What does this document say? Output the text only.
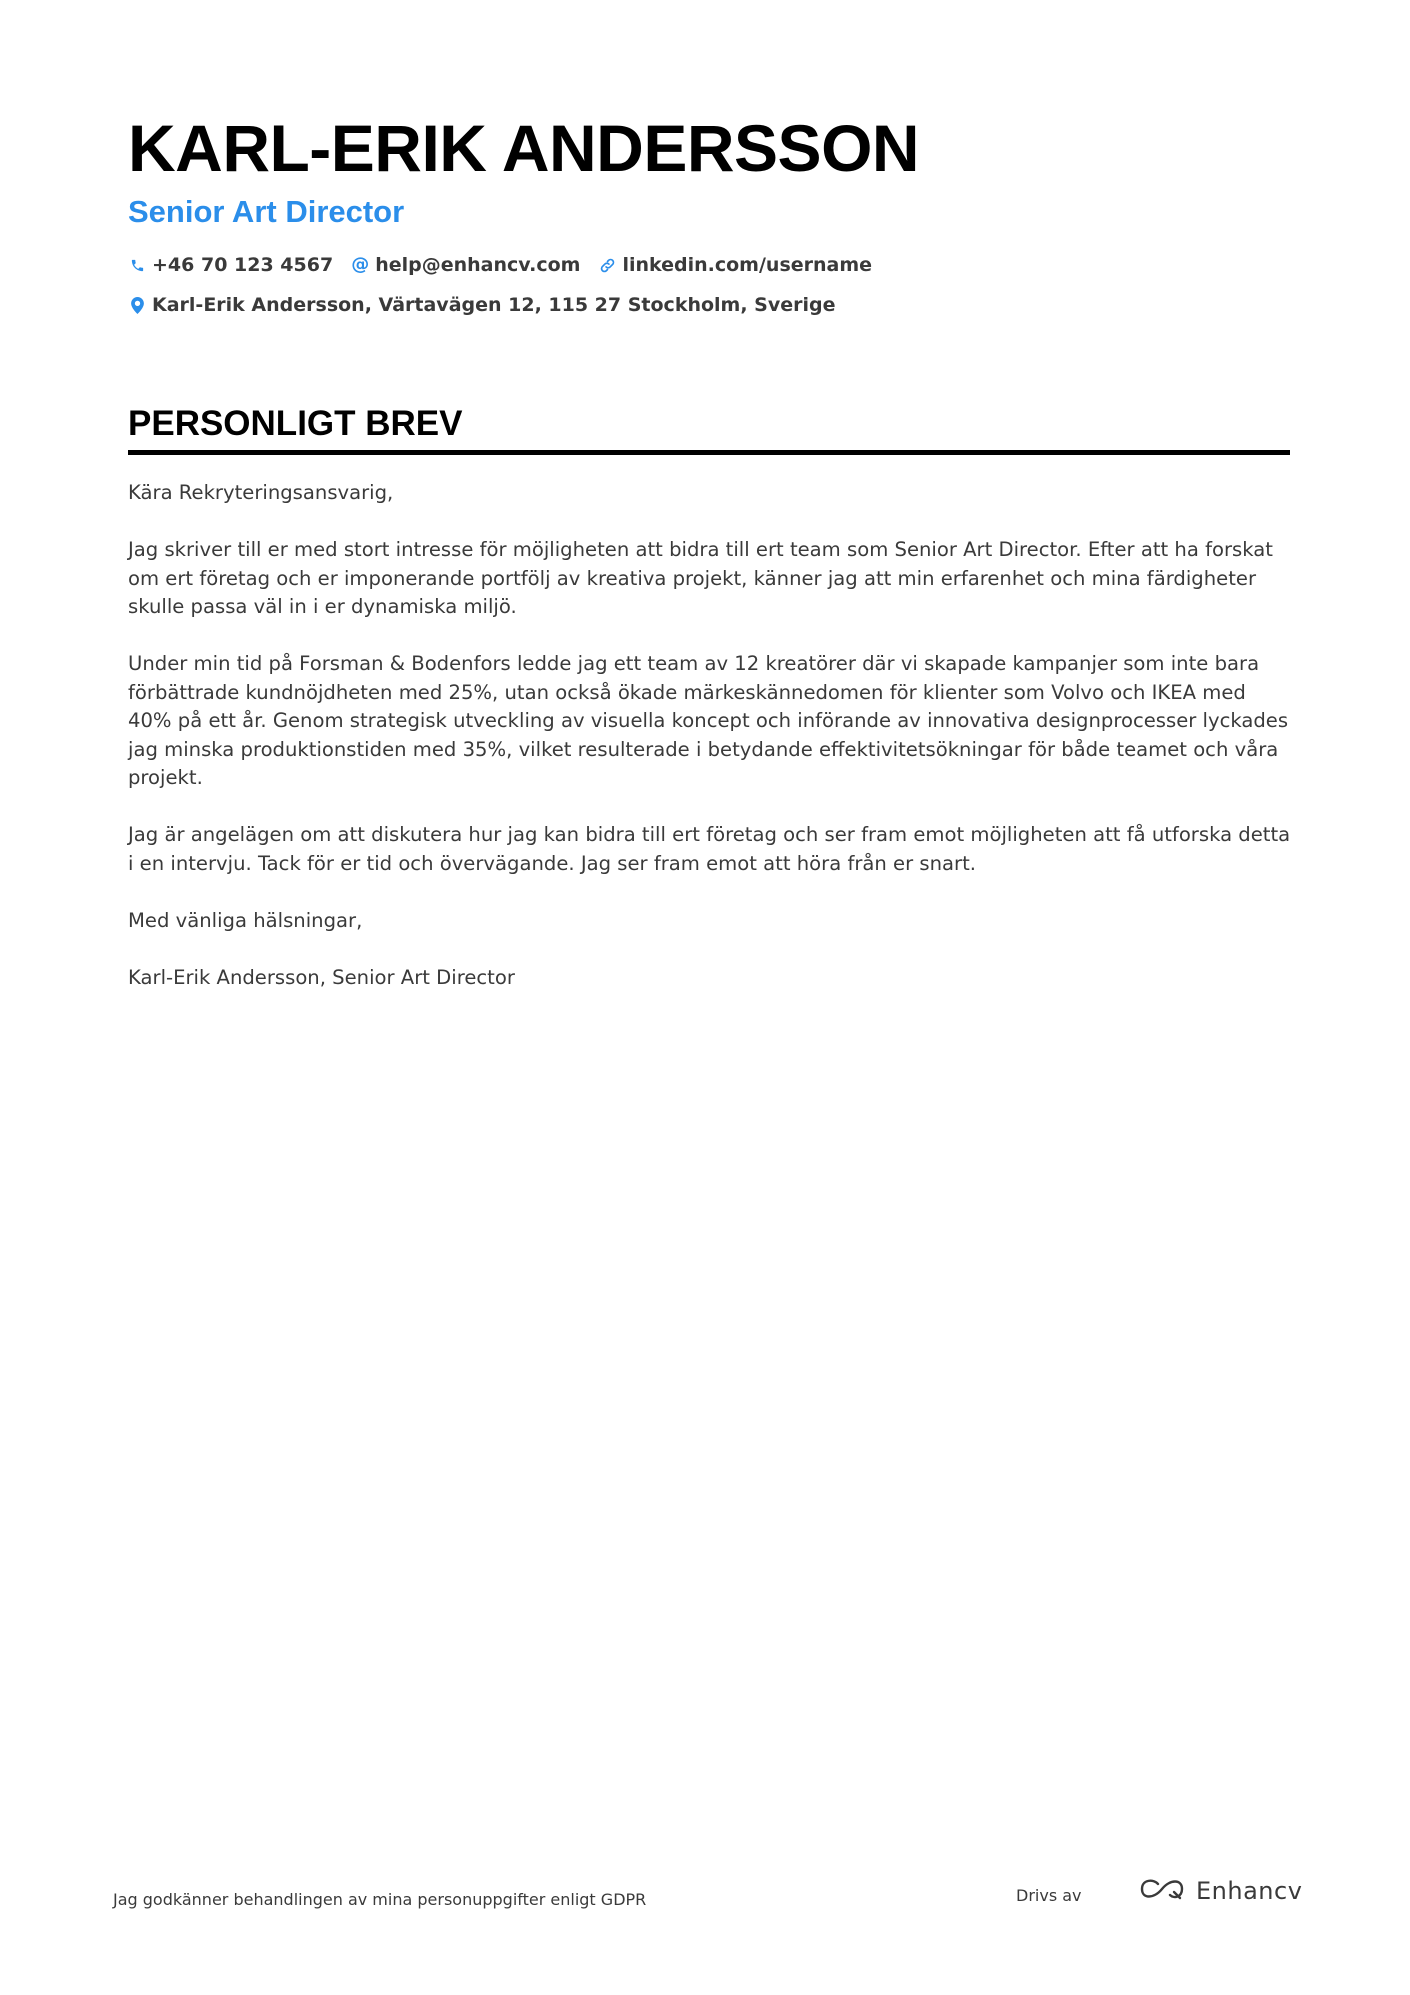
KARL-ERIK ANDERSSON
Senior Art Director
+46 70 123 4567 @ help@enhancv.com linkedin.com/username
Karl-Erik Andersson, Värtavägen 12, 115 27 Stockholm, Sverige
PERSONLIGT BREV

Kära Rekryteringsansvarig,

Jag skriver till er med stort intresse för möjligheten att bidra till ert team som Senior Art Director. Efter att ha forskat om ert företag och er imponerande portfölj av kreativa projekt, känner jag att min erfarenhet och mina färdigheter skulle passa väl in i er dynamiska miljö.

Under min tid på Forsman & Bodenfors ledde jag ett team av 12 kreatörer där vi skapade kampanjer som inte bara förbättrade kundnöjdheten med 25%, utan också ökade märkeskännedomen för klienter som Volvo och IKEA med 40% på ett år. Genom strategisk utveckling av visuella koncept och införande av innovativa designprocesser lyckades jag minska produktionstiden med 35%, vilket resulterade i betydande effektivitetsökningar för både teamet och våra projekt.

Jag är angelägen om att diskutera hur jag kan bidra till ert företag och ser fram emot möjligheten att få utforska detta i en intervju. Tack för er tid och övervägande. Jag ser fram emot att höra från er snart.

Med vänliga hälsningar,

Karl-Erik Andersson, Senior Art Director

Jag godkänner behandlingen av mina personuppgifter enligt GDPR	Drivs av	Enhancv
